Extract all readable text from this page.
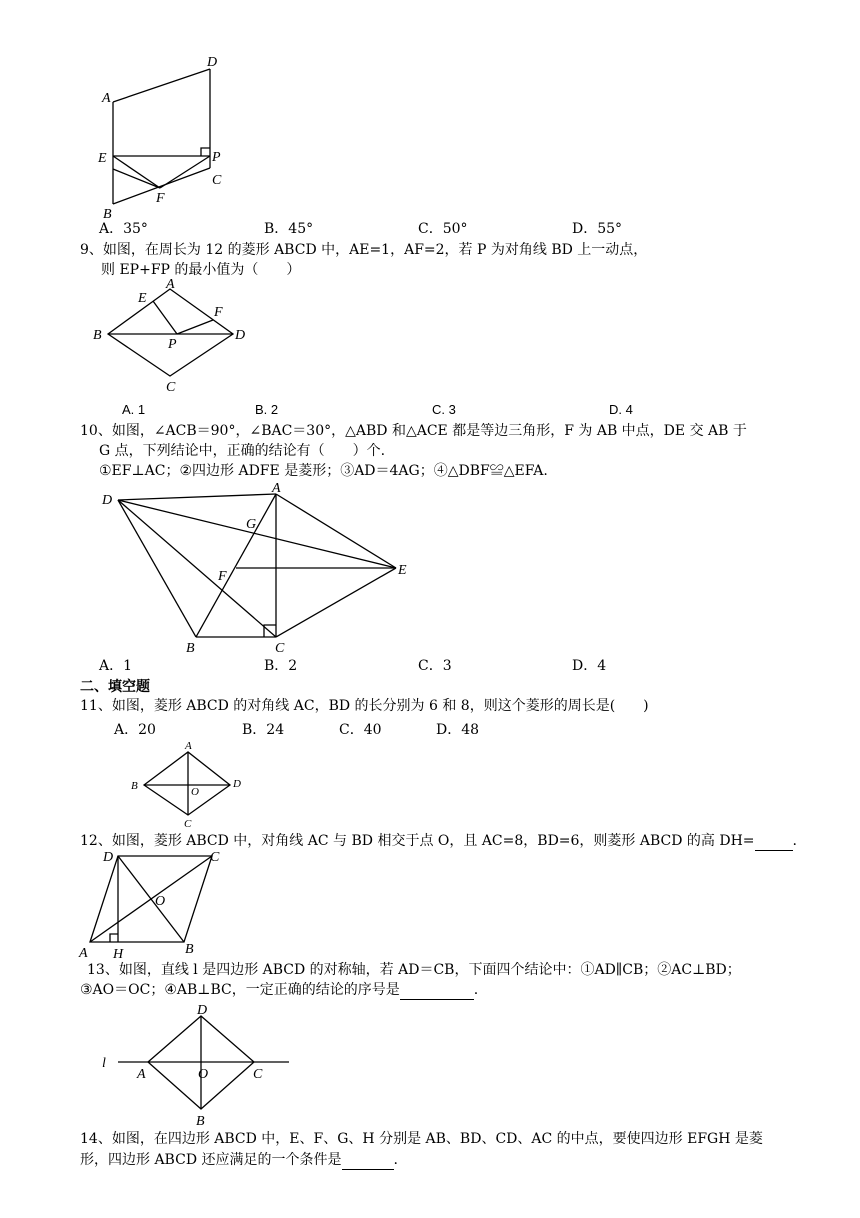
D
A
E	P
C
F
B
A．35°	B．45°	C．50°	D．55°
9、如图，在周长为 12 的菱形 ABCD 中，AE=1，AF=2，若 P 为对角线 BD 上一动点，
则 EP+FP 的最小值为（　　）
A
E
F
B
P
D
C
A. 1	B. 2	C. 3	D. 4
10、如图，∠ACB＝90°，∠BAC＝30°，△ABD 和△ACE 都是等边三角形，F 为 AB 中点，DE 交 AB 于
G 点，下列结论中，正确的结论有（　　）个.
①EF⊥AC；②四边形 ADFE 是菱形；③AD＝4AG；④△DBF≌△EFA.
D
A
G
F	E
B	C
A．1	B．2	C．3	D．4
二、填空题
11、如图，菱形 ABCD 的对角线 AC，BD 的长分别为 6 和 8，则这个菱形的周长是(　　)
A．20	B．24	C．40	D．48
A
B	O
D
C
12、如图，菱形 ABCD 中，对角线 AC 与 BD 相交于点 O，且 AC=8，BD=6，则菱形 ABCD 的高 DH=	.
D	C
O
A H	B
13、如图，直线 l 是四边形 ABCD 的对称轴，若 AD＝CB，下面四个结论中：①AD∥CB；②AC⊥BD；
③AO＝OC；④AB⊥BC，一定正确的结论的序号是	.
D
l
A	O	C
B
14、如图，在四边形 ABCD 中，E、F、G、H 分别是 AB、BD、CD、AC 的中点，要使四边形 EFGH 是菱
形，四边形 ABCD 还应满足的一个条件是	.
